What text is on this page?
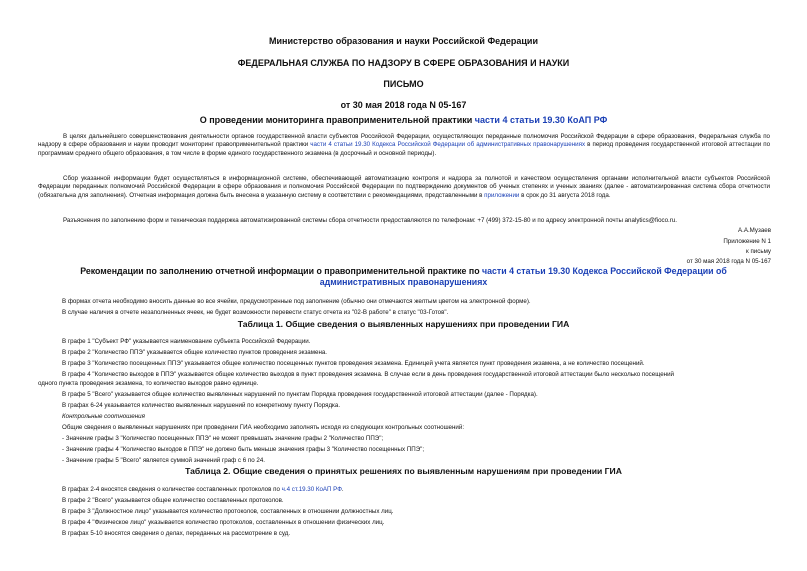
Министерство образования и науки Российской Федерации
ФЕДЕРАЛЬНАЯ СЛУЖБА ПО НАДЗОРУ В СФЕРЕ ОБРАЗОВАНИЯ И НАУКИ
ПИСЬМО
от 30 мая 2018 года N 05-167
О проведении мониторинга правоприменительной практики части 4 статьи 19.30 КоАП РФ

В целях дальнейшего совершенствования деятельности органов государственной власти субъектов Российской Федерации, осуществляющих переданные полномочия Российской Федерации в сфере образования, Федеральная служба по надзору в сфере образования и науки проводит мониторинг правоприменительной практики части 4 статьи 19.30 Кодекса Российской Федерации об административных правонарушениях в период проведения государственной итоговой аттестации по программам среднего общего образования, в том числе в форме единого государственного экзамена (в досрочный и основной периоды).

Сбор указанной информации будет осуществляться в информационной системе, обеспечивающей автоматизацию контроля и надзора за полнотой и качеством осуществления органами исполнительной власти субъектов Российской Федерации переданных полномочий Российской Федерации в сфере образования и полномочия Российской Федерации по подтверждению документов об ученых степенях и ученых званиях (далее - автоматизированная система сбора отчетности (обязательна для заполнения). Отчетная информация должна быть внесена в указанную систему в соответствии с рекомендациями, представленными в приложении в срок до 31 августа 2018 года.

Разъяснения по заполнению форм и техническая поддержка автоматизированной системы сбора отчетности предоставляются по телефонам: +7 (499) 372-15-80 и по адресу электронной почты analytics@fioco.ru.

А.А.Музаев
Приложение N 1
к письму
от 30 мая 2018 года N 05-167
Рекомендации по заполнению отчетной информации о правоприменительной практике по части 4 статьи 19.30 Кодекса Российской Федерации об
административных правонарушениях

В формах отчета необходимо вносить данные во все ячейки, предусмотренные под заполнение (обычно они отмечаются желтым цветом на электронной форме).

В случае наличия в отчете незаполненных ячеек, не будет возможности перевести статус отчета из "02-В работе" в статус "03-Готов".

Таблица 1. Общие сведения о выявленных нарушениях при проведении ГИА

В графе 1 "Субъект РФ" указывается наименование субъекта Российской Федерации.

В графе 2 "Количество ППЭ" указывается общее количество пунктов проведения экзамена.

В графе 3 "Количество посещенных ППЭ" указывается общее количество посещенных пунктов проведения экзамена. Единицей учета является пункт проведения экзамена, а не количество посещений.

В графе 4 "Количество выходов в ППЭ" указывается общее количество выходов в пункт проведения экзамена. В случае если в день проведения государственной итоговой аттестации было несколько посещений

одного пункта проведения экзамена, то количество выходов равно единице.

В графе 5 "Всего" указывается общее количество выявленных нарушений по пунктам Порядка проведения государственной итоговой аттестации (далее - Порядка).

В графах 6-24 указывается количество выявленных нарушений по конкретному пункту Порядка.

Контрольные соотношения

Общие сведения о выявленных нарушениях при проведении ГИА необходимо заполнять исходя из следующих контрольных соотношений:

- Значение графы 3 "Количество посещенных ППЭ" не может превышать значение графы 2 "Количество ППЭ";

- Значение графы 4 "Количество выходов в ППЭ" не должно быть меньше значения графы 3 "Количество посещенных ППЭ";

- Значение графы 5 "Всего" является суммой значений граф с 6 по 24.

Таблица 2. Общие сведения о принятых решениях по выявленным нарушениям при проведении ГИА

В графах 2-4 вносятся сведения о количестве составленных протоколов по ч.4 ст.19.30 КоАП РФ.

В графе 2 "Всего" указывается общее количество составленных протоколов.

В графе 3 "Должностное лицо" указывается количество протоколов, составленных в отношении должностных лиц.

В графе 4 "Физическое лицо" указывается количество протоколов, составленных в отношении физических лиц.

В графах 5-10 вносятся сведения о делах, переданных на рассмотрение в суд.
